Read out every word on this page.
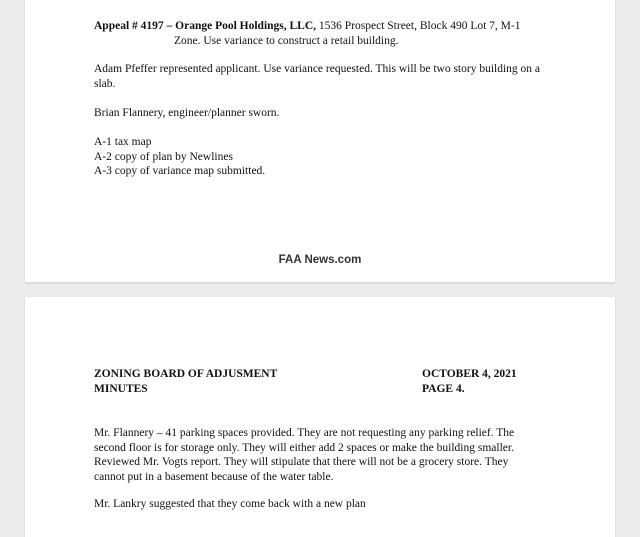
Appeal # 4197 – Orange Pool Holdings, LLC, 1536 Prospect Street, Block 490 Lot 7, M-1
Zone. Use variance to construct a retail building.
Adam Pfeffer represented applicant. Use variance requested. This will be two story building on a
slab.
Brian Flannery, engineer/planner sworn.
A-1 tax map
A-2 copy of plan by Newlines
A-3 copy of variance map submitted.
FAA News.com
ZONING BOARD OF ADJUSMENT
MINUTES
OCTOBER 4, 2021
PAGE 4.
Mr. Flannery – 41 parking spaces provided. They are not requesting any parking relief. The
second floor is for storage only. They will either add 2 spaces or make the building smaller.
Reviewed Mr. Vogts report. They will stipulate that there will not be a grocery store. They
cannot put in a basement because of the water table.
Mr. Lankry suggested that they come back with a new plan
